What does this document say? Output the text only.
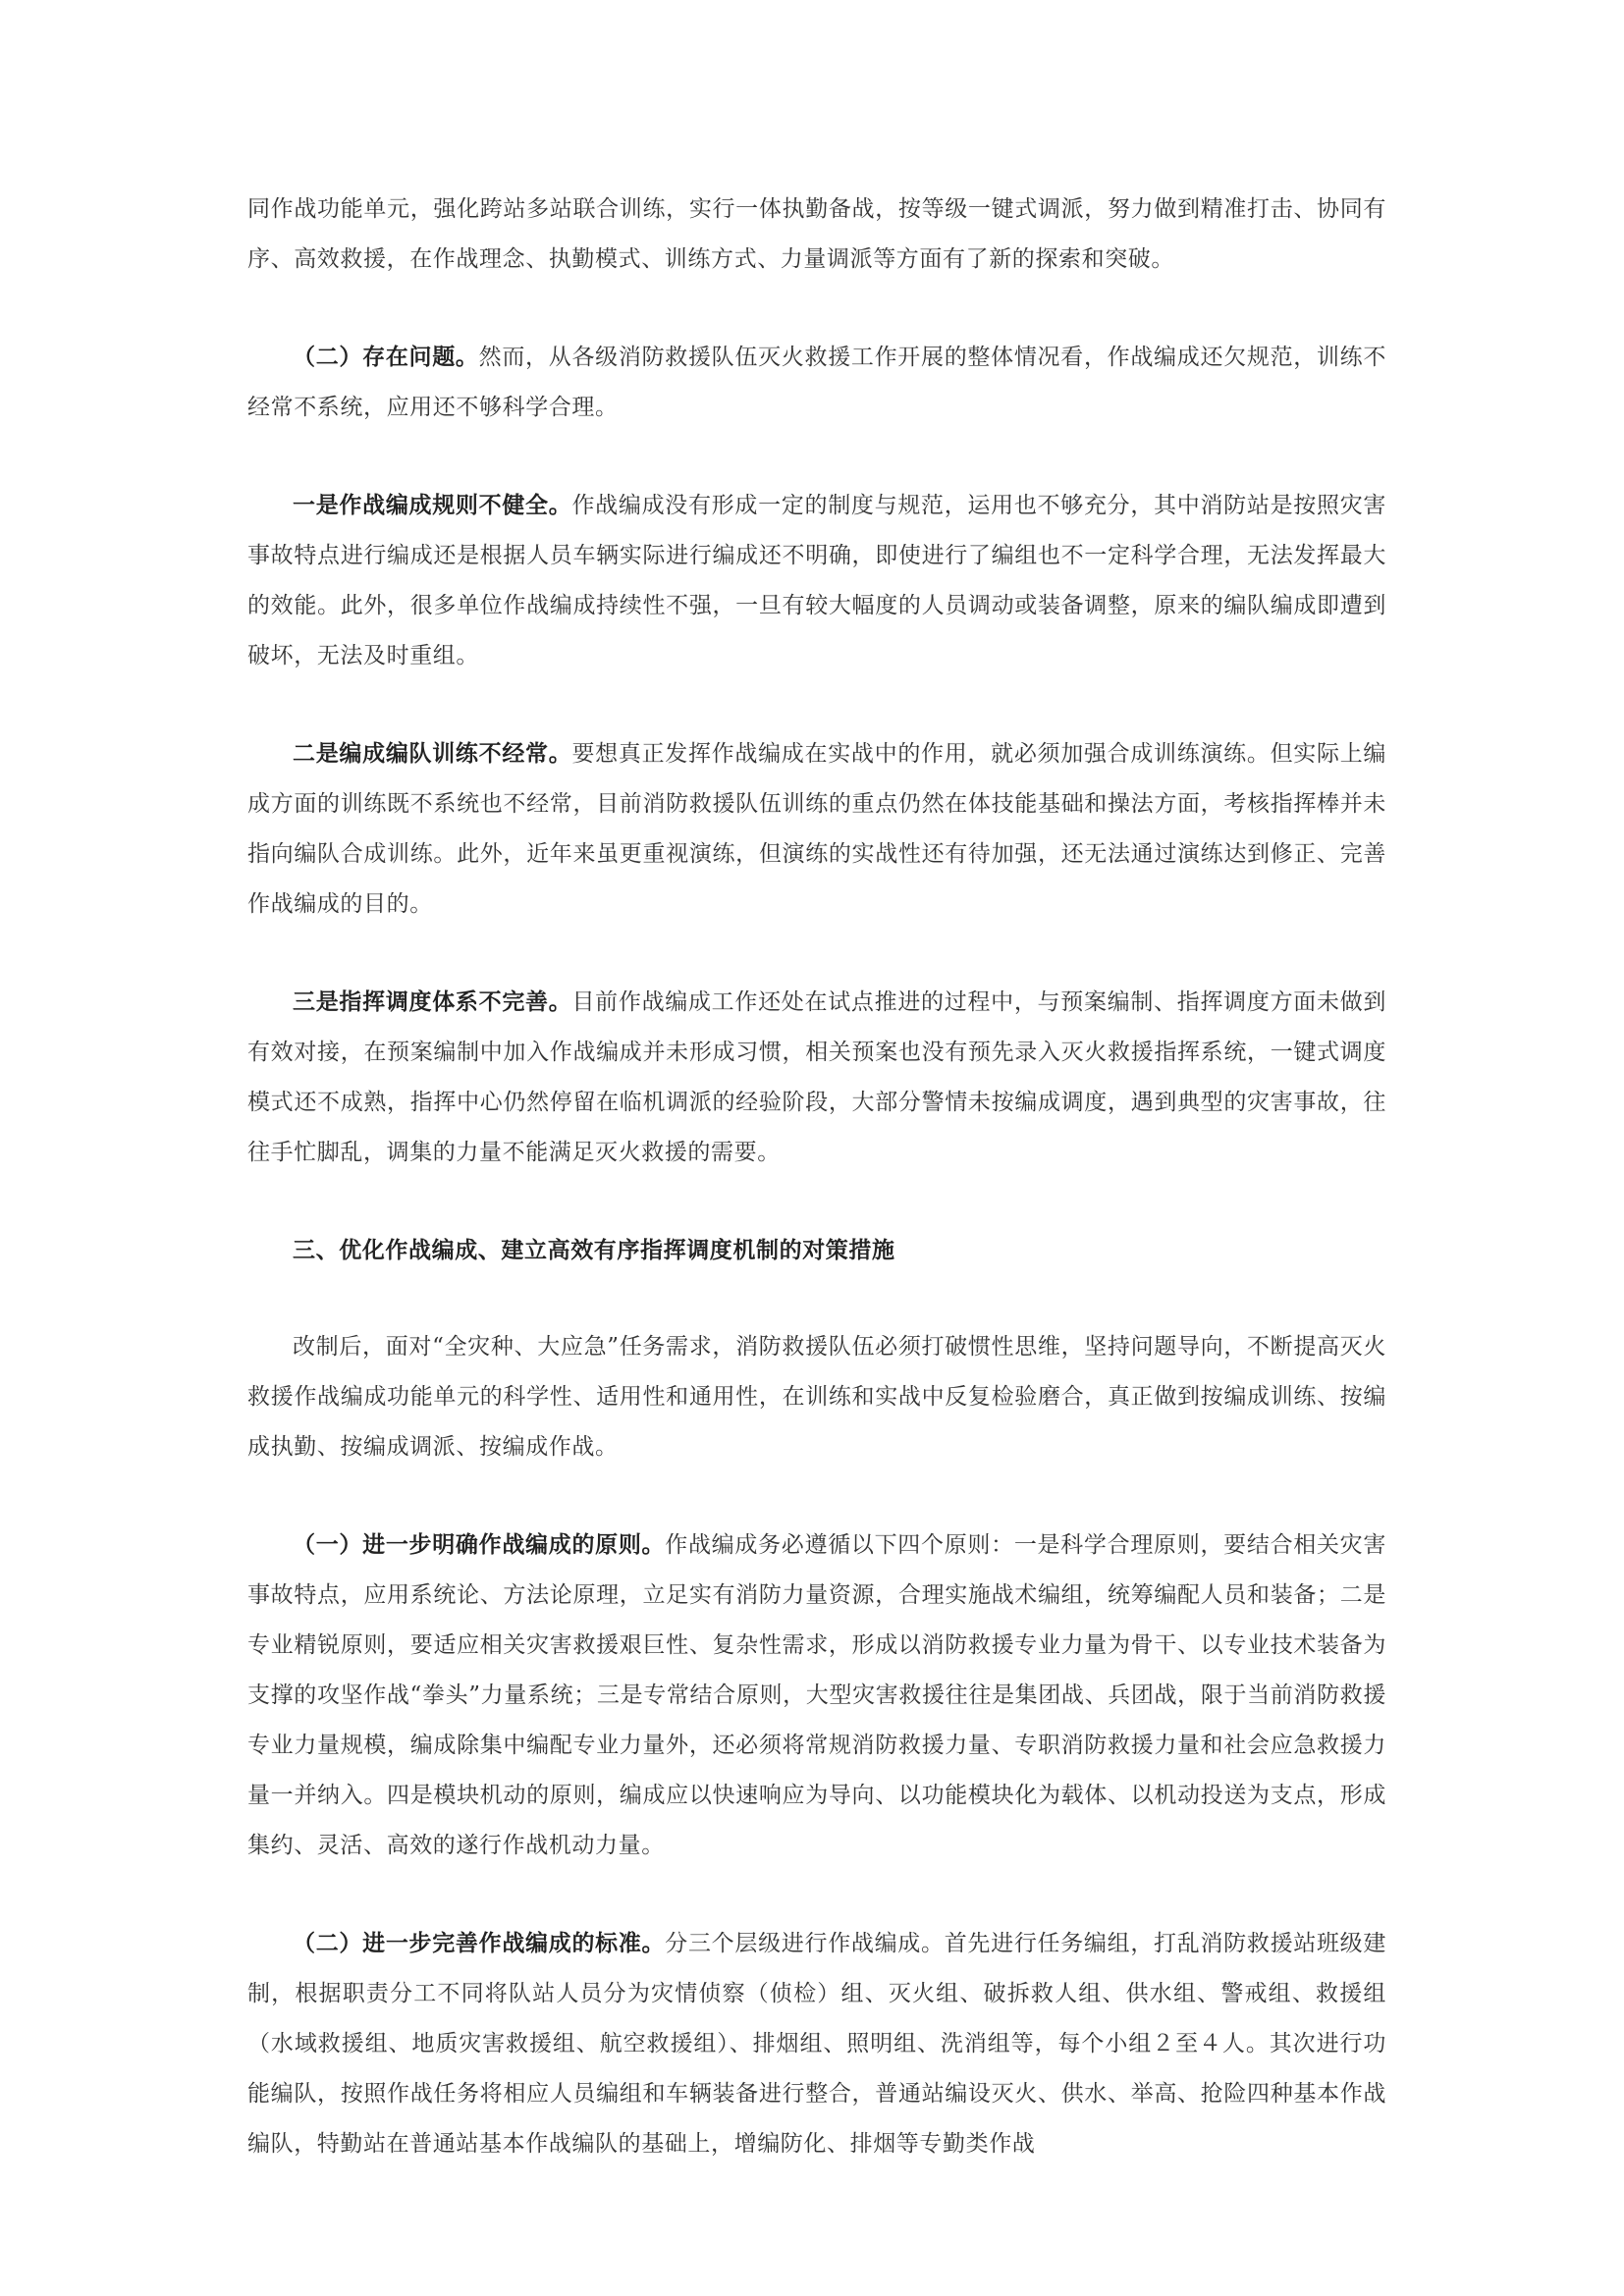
同作战功能单元，强化跨站多站联合训练，实行一体执勤备战，按等级一键式调派，努力做到精准打击、协同有序、高效救援，在作战理念、执勤模式、训练方式、力量调派等方面有了新的探索和突破。

（二）存在问题。然而，从各级消防救援队伍灭火救援工作开展的整体情况看，作战编成还欠规范，训练不经常不系统，应用还不够科学合理。

一是作战编成规则不健全。作战编成没有形成一定的制度与规范，运用也不够充分，其中消防站是按照灾害事故特点进行编成还是根据人员车辆实际进行编成还不明确，即使进行了编组也不一定科学合理，无法发挥最大的效能。此外，很多单位作战编成持续性不强，一旦有较大幅度的人员调动或装备调整，原来的编队编成即遭到破坏，无法及时重组。

二是编成编队训练不经常。要想真正发挥作战编成在实战中的作用，就必须加强合成训练演练。但实际上编成方面的训练既不系统也不经常，目前消防救援队伍训练的重点仍然在体技能基础和操法方面，考核指挥棒并未指向编队合成训练。此外，近年来虽更重视演练，但演练的实战性还有待加强，还无法通过演练达到修正、完善作战编成的目的。

三是指挥调度体系不完善。目前作战编成工作还处在试点推进的过程中，与预案编制、指挥调度方面未做到有效对接，在预案编制中加入作战编成并未形成习惯，相关预案也没有预先录入灭火救援指挥系统，一键式调度模式还不成熟，指挥中心仍然停留在临机调派的经验阶段，大部分警情未按编成调度，遇到典型的灾害事故，往往手忙脚乱，调集的力量不能满足灭火救援的需要。

三、优化作战编成、建立高效有序指挥调度机制的对策措施

改制后，面对“全灾种、大应急”任务需求，消防救援队伍必须打破惯性思维，坚持问题导向，不断提高灭火救援作战编成功能单元的科学性、适用性和通用性，在训练和实战中反复检验磨合，真正做到按编成训练、按编成执勤、按编成调派、按编成作战。

（一）进一步明确作战编成的原则。作战编成务必遵循以下四个原则：一是科学合理原则，要结合相关灾害事故特点，应用系统论、方法论原理，立足实有消防力量资源，合理实施战术编组，统筹编配人员和装备；二是专业精锐原则，要适应相关灾害救援艰巨性、复杂性需求，形成以消防救援专业力量为骨干、以专业技术装备为支撑的攻坚作战“拳头”力量系统；三是专常结合原则，大型灾害救援往往是集团战、兵团战，限于当前消防救援专业力量规模，编成除集中编配专业力量外，还必须将常规消防救援力量、专职消防救援力量和社会应急救援力量一并纳入。四是模块机动的原则，编成应以快速响应为导向、以功能模块化为载体、以机动投送为支点，形成集约、灵活、高效的遂行作战机动力量。

（二）进一步完善作战编成的标准。分三个层级进行作战编成。首先进行任务编组，打乱消防救援站班级建制，根据职责分工不同将队站人员分为灾情侦察（侦检）组、灭火组、破拆救人组、供水组、警戒组、救援组（水域救援组、地质灾害救援组、航空救援组）、排烟组、照明组、洗消组等，每个小组２至４人。其次进行功能编队，按照作战任务将相应人员编组和车辆装备进行整合，普通站编设灭火、供水、举高、抢险四种基本作战编队，特勤站在普通站基本作战编队的基础上，增编防化、排烟等专勤类作战
